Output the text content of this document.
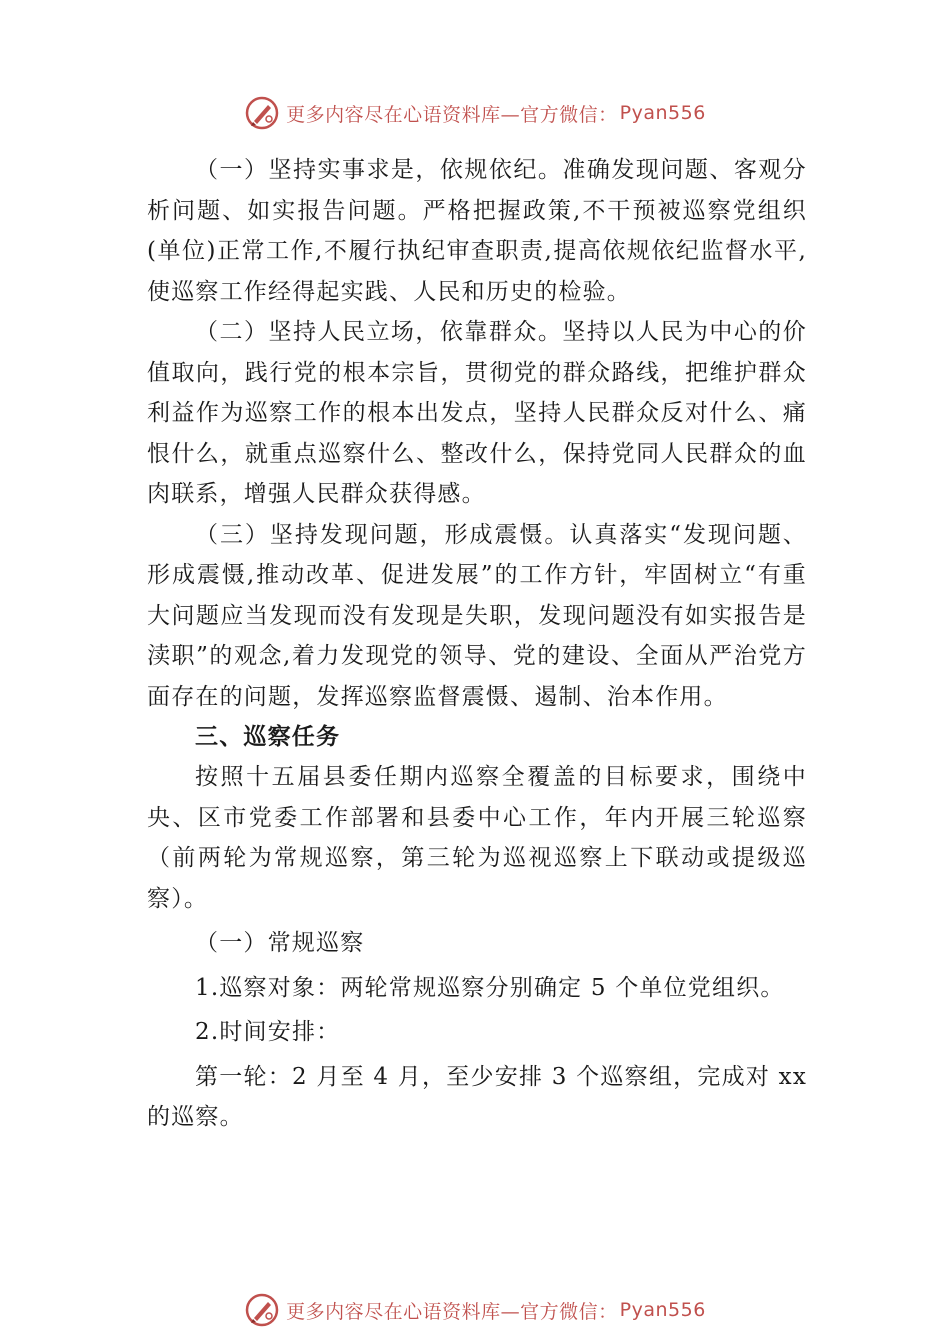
更多内容尽在心语资料库—官方微信： Pyan556

（一）坚持实事求是，依规依纪。准确发现问题、客观分析问题、如实报告问题。严格把握政策,不干预被巡察党组织(单位)正常工作,不履行执纪审查职责,提高依规依纪监督水平,使巡察工作经得起实践、人民和历史的检验。

（二）坚持人民立场，依靠群众。坚持以人民为中心的价值取向，践行党的根本宗旨，贯彻党的群众路线，把维护群众利益作为巡察工作的根本出发点，坚持人民群众反对什么、痛恨什么，就重点巡察什么、整改什么，保持党同人民群众的血肉联系，增强人民群众获得感。

（三）坚持发现问题，形成震慑。认真落实“发现问题、形成震慑,推动改革、促进发展”的工作方针，牢固树立“有重大问题应当发现而没有发现是失职，发现问题没有如实报告是渎职”的观念,着力发现党的领导、党的建设、全面从严治党方面存在的问题，发挥巡察监督震慑、遏制、治本作用。

三、巡察任务

按照十五届县委任期内巡察全覆盖的目标要求，围绕中央、区市党委工作部署和县委中心工作，年内开展三轮巡察（前两轮为常规巡察，第三轮为巡视巡察上下联动或提级巡察）。

（一）常规巡察

1.巡察对象：两轮常规巡察分别确定 5 个单位党组织。

2.时间安排：

第一轮：2 月至 4 月，至少安排 3 个巡察组，完成对 xx 的巡察。

更多内容尽在心语资料库—官方微信： Pyan556
